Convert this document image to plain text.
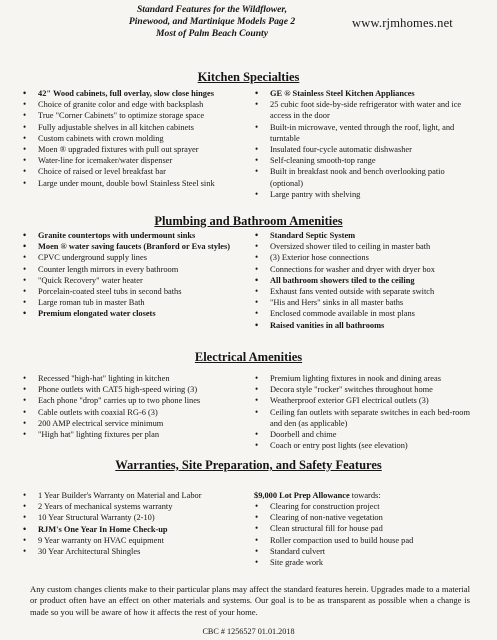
Standard Features for the Wildflower,
Pinewood, and Martinique Models Page 2
Most of Palm Beach County
www.rjmhomes.net
Kitchen Specialties
• 42" Wood cabinets, full overlay, slow close hinges
• Choice of granite color and edge with backsplash
• True "Corner Cabinets" to optimize storage space
• Fully adjustable shelves in all kitchen cabinets
• Custom cabinets with crown molding
• Moen ® upgraded fixtures with pull out sprayer
• Water-line for icemaker/water dispenser
• Choice of raised or level breakfast bar
• Large under mount, double bowl Stainless Steel sink
• GE ® Stainless Steel Kitchen Appliances
• 25 cubic foot side-by-side refrigerator with water and ice access in the door
• Built-in microwave, vented through the roof, light, and turntable
• Insulated four-cycle automatic dishwasher
• Self-cleaning smooth-top range
• Built in breakfast nook and bench overlooking patio (optional)
• Large pantry with shelving
Plumbing and Bathroom Amenities
• Granite countertops with undermount sinks
• Moen ® water saving faucets (Branford or Eva styles)
• CPVC underground supply lines
• Counter length mirrors in every bathroom
• "Quick Recovery" water heater
• Porcelain-coated steel tubs in second baths
• Large roman tub in master Bath
• Premium elongated water closets
• Standard Septic System
• Oversized shower tiled to ceiling in master bath
• (3) Exterior hose connections
• Connections for washer and dryer with dryer box
• All bathroom showers tiled to the ceiling
• Exhaust fans vented outside with separate switch
• "His and Hers" sinks in all master baths
• Enclosed commode available in most plans
• Raised vanities in all bathrooms
Electrical Amenities
• Recessed "high-hat" lighting in kitchen
• Phone outlets with CAT5 high-speed wiring (3)
• Each phone "drop" carries up to two phone lines
• Cable outlets with coaxial RG-6 (3)
• 200 AMP electrical service minimum
• "High hat" lighting fixtures per plan
• Premium lighting fixtures in nook and dining areas
• Decora style "rocker" switches throughout home
• Weatherproof exterior GFI electrical outlets (3)
• Ceiling fan outlets with separate switches in each bed-room and den (as applicable)
• Doorbell and chime
• Coach or entry post lights (see elevation)
Warranties, Site Preparation, and Safety Features
• 1 Year Builder's Warranty on Material and Labor
• 2 Years of mechanical systems warranty
• 10 Year Structural Warranty (2-10)
• RJM's One Year In Home Check-up
• 9 Year warranty on HVAC equipment
• 30 Year Architectural Shingles
$9,000 Lot Prep Allowance towards:
• Clearing for construction project
• Clearing of non-native vegetation
• Clean structural fill for house pad
• Roller compaction used to build house pad
• Standard culvert
• Site grade work
Any custom changes clients make to their particular plans may affect the standard features herein. Upgrades made to a material or product often have an effect on other materials and systems. Our goal is to be as transparent as possible when a change is made so you will be aware of how it affects the rest of your home.
CBC # 1256527 01.01.2018
